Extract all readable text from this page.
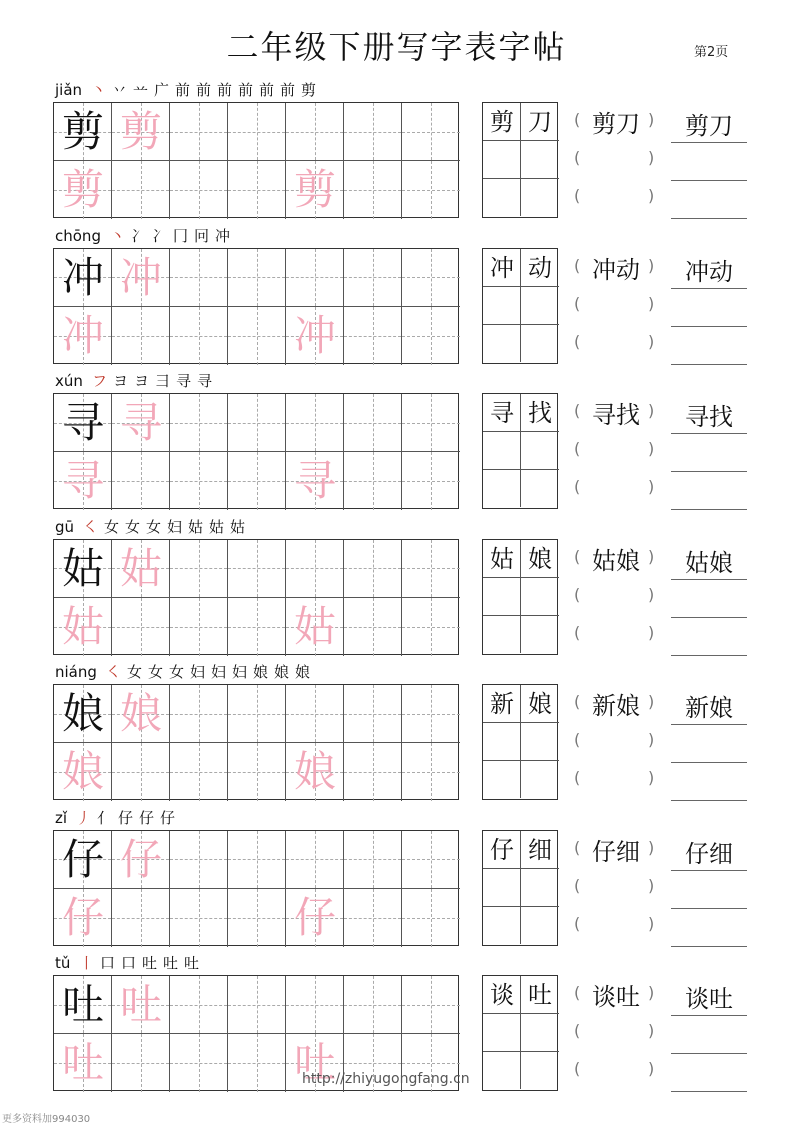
二年级下册写字表字帖	第2页
jiǎn 丶 丷 䒑 广 前 前 前 前 前 前 剪
剪 剪
剪	剪
剪 刀	(	)
(	)
(	)
剪刀	剪刀
chōng 丶 冫 冫 冂 冋 冲
冲 冲
冲	冲
冲 动	(	)
(	)
(	)
冲动	冲动
xún フ ヨ ヨ 彐 寻 寻
寻 寻
寻	寻
寻 找	(	)
(	)
(	)
寻找	寻找
gū ㇛ 女 女 女 妇 姑 姑 姑
姑 姑
姑	姑
姑 娘	(	)
(	)
(	)
姑娘	姑娘
niáng ㇛ 女 女 女 妇 妇 妇 娘 娘 娘
娘 娘
娘	娘
新 娘	(	)
(	)
(	)
新娘	新娘
zǐ 丿 亻 仔 仔 仔
仔 仔
仔	仔
仔 细	(	)
(	)
(	)
仔细	仔细
tǔ 丨 口 口 吐 吐 吐
吐 吐
吐	吐
谈 吐	(	)
(	)
(	)
谈吐	谈吐
http://zhiyugongfang.cn
更多资料加994030
